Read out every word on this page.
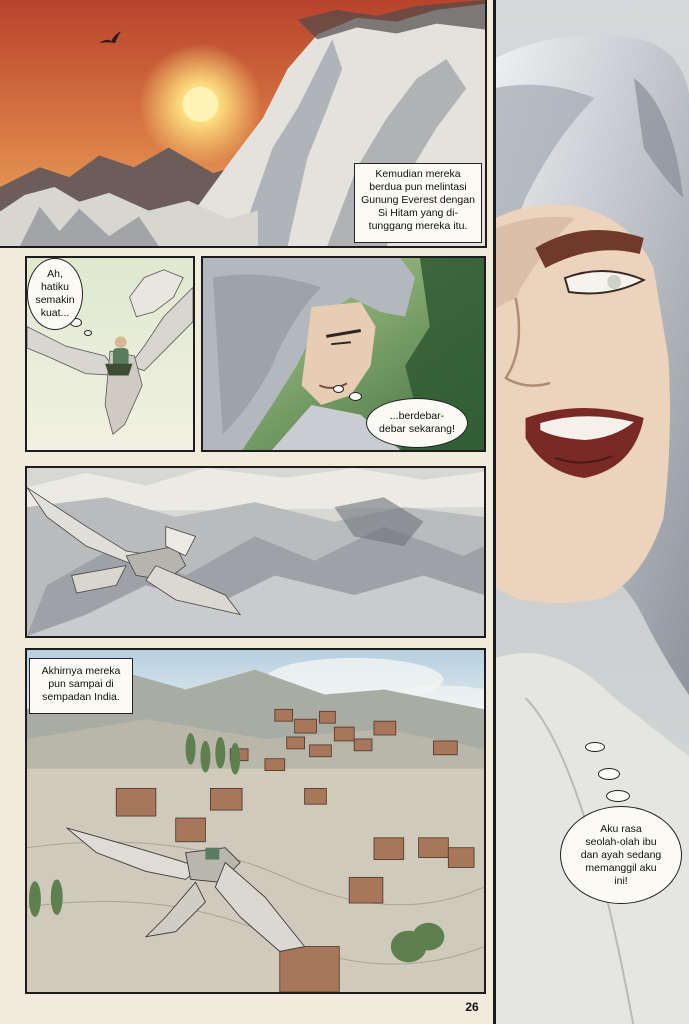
Kemudian mereka
berdua pun melintasi
Gunung Everest dengan
Si Hitam yang di-
tunggang mereka itu.
Akhirnya mereka
pun sampai di
sempadan India.
Ah,
hatiku
semakin
kuat...
...berdebar-
debar sekarang!
Aku rasa
seolah-olah ibu
dan ayah sedang
memanggil aku
ini!
26
